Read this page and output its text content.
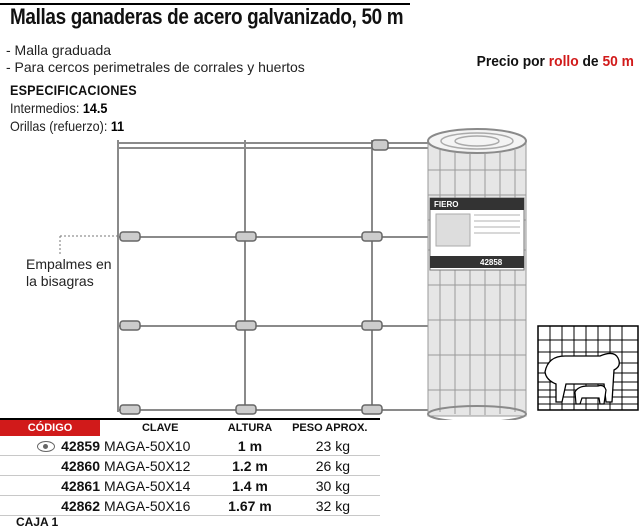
Mallas ganaderas de acero galvanizado, 50 m
- Malla graduada
- Para cercos perimetrales de corrales y huertos	Precio por rollo de 50 m
ESPECIFICACIONES
Intermedios: 14.5
Orillas (refuerzo): 11
FIERO
42858
Empalmes en
la bisagras
CÓDIGO	CLAVE	ALTURA	PESO APROX.
42859	MAGA-50X10	1 m	23 kg
42860	MAGA-50X12	1.2 m	26 kg
42861	MAGA-50X14	1.4 m	30 kg
42862	MAGA-50X16	1.67 m	32 kg
CAJA 1
